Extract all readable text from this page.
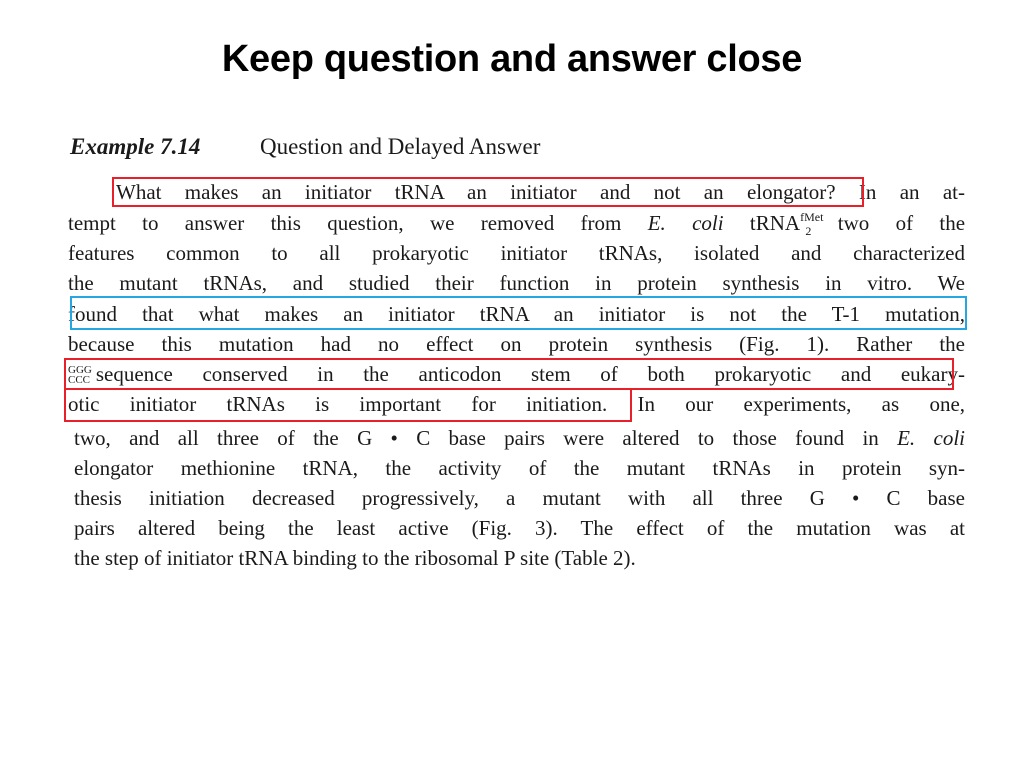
Keep question and answer close
Example 7.14	Question and Delayed Answer
What makes an initiator tRNA an initiator and not an elongator? In an at-
tempt to answer this question, we removed from E. coli tRNA$^{fMet}_2$ two of the
features common to all prokaryotic initiator tRNAs, isolated and characterized
the mutant tRNAs, and studied their function in protein synthesis in vitro. We
found that what makes an initiator tRNA an initiator is not the T-1 mutation,
because this mutation had no effect on protein synthesis (Fig. 1). Rather the
GGG
CCC sequence conserved in the anticodon stem of both prokaryotic and eukary-
otic initiator tRNAs is important for initiation. In our experiments, as one,
two, and all three of the G • C base pairs were altered to those found in E. coli
elongator methionine tRNA, the activity of the mutant tRNAs in protein syn-
thesis initiation decreased progressively, a mutant with all three G • C base
pairs altered being the least active (Fig. 3). The effect of the mutation was at
the step of initiator tRNA binding to the ribosomal P site (Table 2).
